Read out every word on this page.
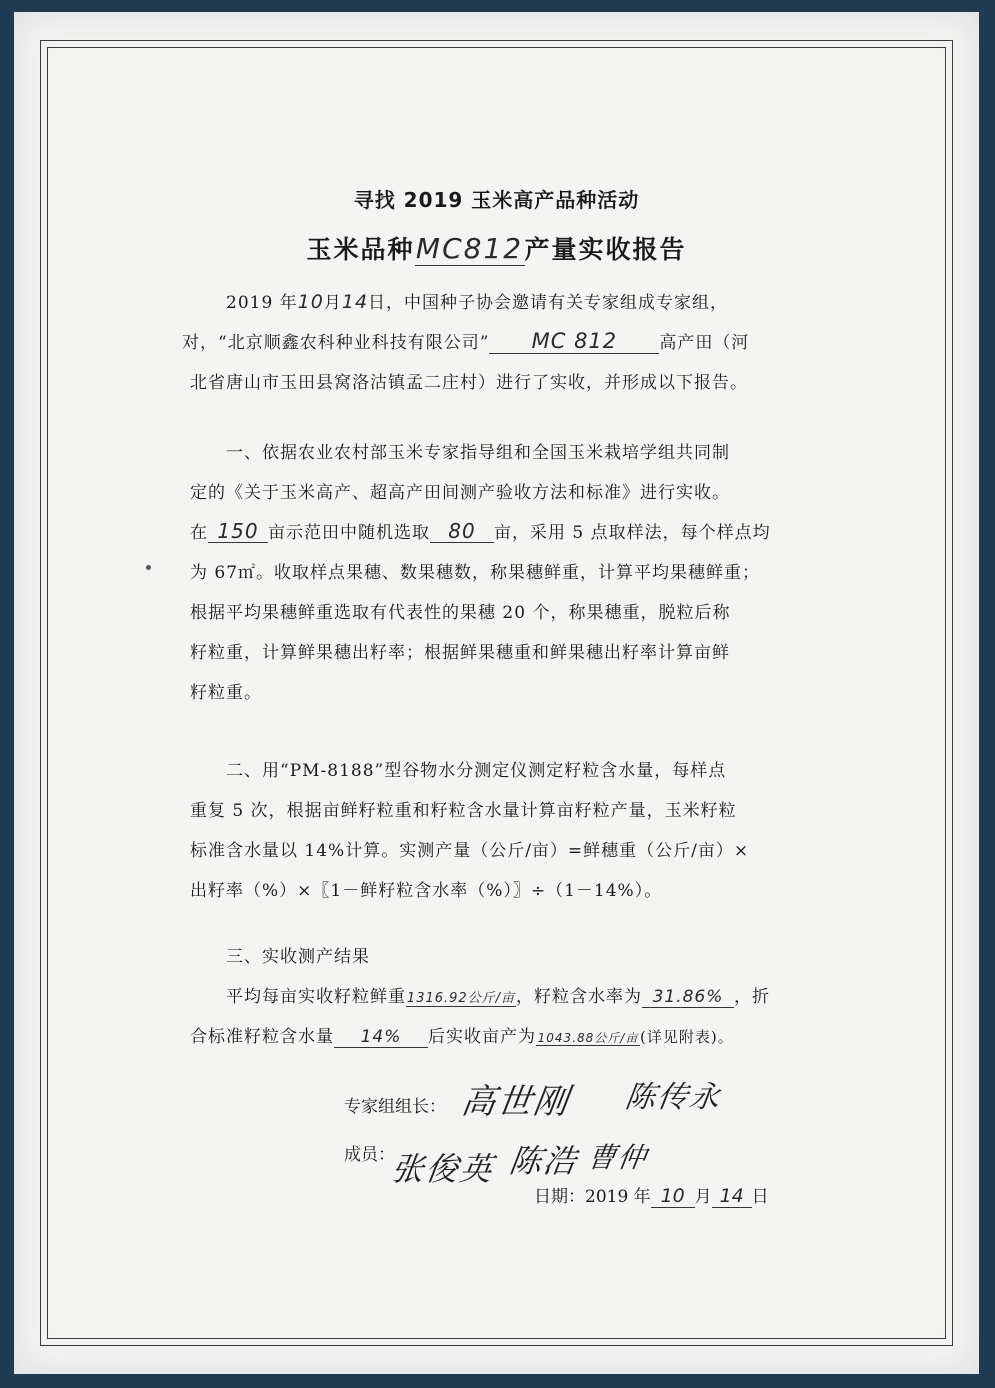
寻找 2019 玉米高产品种活动
玉米品种MC812产量实收报告
2019 年10月14日，中国种子协会邀请有关专家组成专家组，
对，“北京顺鑫农科种业科技有限公司” MC 812 高产田（河
北省唐山市玉田县窝洛沽镇孟二庄村）进行了实收，并形成以下报告。
一、依据农业农村部玉米专家指导组和全国玉米栽培学组共同制
定的《关于玉米高产、超高产田间测产验收方法和标准》进行实收。
在 150 亩示范田中随机选取 80 亩，采用 5 点取样法，每个样点均
为 67㎡。收取样点果穗、数果穗数，称果穗鲜重，计算平均果穗鲜重；
根据平均果穗鲜重选取有代表性的果穗 20 个，称果穗重，脱粒后称
籽粒重，计算鲜果穗出籽率；根据鲜果穗重和鲜果穗出籽率计算亩鲜
籽粒重。
二、用“PM-8188”型谷物水分测定仪测定籽粒含水量，每样点
重复 5 次，根据亩鲜籽粒重和籽粒含水量计算亩籽粒产量，玉米籽粒
标准含水量以 14%计算。实测产量（公斤/亩）=鲜穗重（公斤/亩）×
出籽率（%）×〖1－鲜籽粒含水率（%）〗÷（1－14%）。
三、实收测产结果
平均每亩实收籽粒鲜重1316.92公斤/亩，籽粒含水率为 31.86% ，折
合标准籽粒含水量 14% 后实收亩产为 1043.88公斤/亩 (详见附表)。
专家组组长： 高世刚 陈传永
成员：
张俊英 陈浩 曹仲
日期：2019 年 10 月 14 日
